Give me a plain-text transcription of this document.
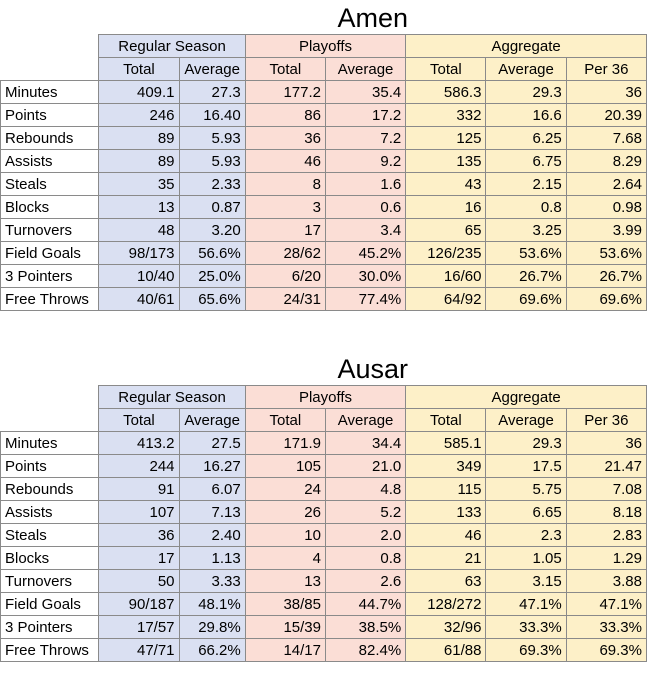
Amen
	Regular Season		Playoffs		Aggregate		
	Total	Average	Total	Average	Total	Average	Per 36
Minutes	409.1	27.3	177.2	35.4	586.3	29.3	36
Points	246	16.40	86	17.2	332	16.6	20.39
Rebounds	89	5.93	36	7.2	125	6.25	7.68
Assists	89	5.93	46	9.2	135	6.75	8.29
Steals	35	2.33	8	1.6	43	2.15	2.64
Blocks	13	0.87	3	0.6	16	0.8	0.98
Turnovers	48	3.20	17	3.4	65	3.25	3.99
Field Goals	98/173	56.6%	28/62	45.2%	126/235	53.6%	53.6%
3 Pointers	10/40	25.0%	6/20	30.0%	16/60	26.7%	26.7%
Free Throws	40/61	65.6%	24/31	77.4%	64/92	69.6%	69.6%
Ausar
	Regular Season		Playoffs		Aggregate		
	Total	Average	Total	Average	Total	Average	Per 36
Minutes	413.2	27.5	171.9	34.4	585.1	29.3	36
Points	244	16.27	105	21.0	349	17.5	21.47
Rebounds	91	6.07	24	4.8	115	5.75	7.08
Assists	107	7.13	26	5.2	133	6.65	8.18
Steals	36	2.40	10	2.0	46	2.3	2.83
Blocks	17	1.13	4	0.8	21	1.05	1.29
Turnovers	50	3.33	13	2.6	63	3.15	3.88
Field Goals	90/187	48.1%	38/85	44.7%	128/272	47.1%	47.1%
3 Pointers	17/57	29.8%	15/39	38.5%	32/96	33.3%	33.3%
Free Throws	47/71	66.2%	14/17	82.4%	61/88	69.3%	69.3%
